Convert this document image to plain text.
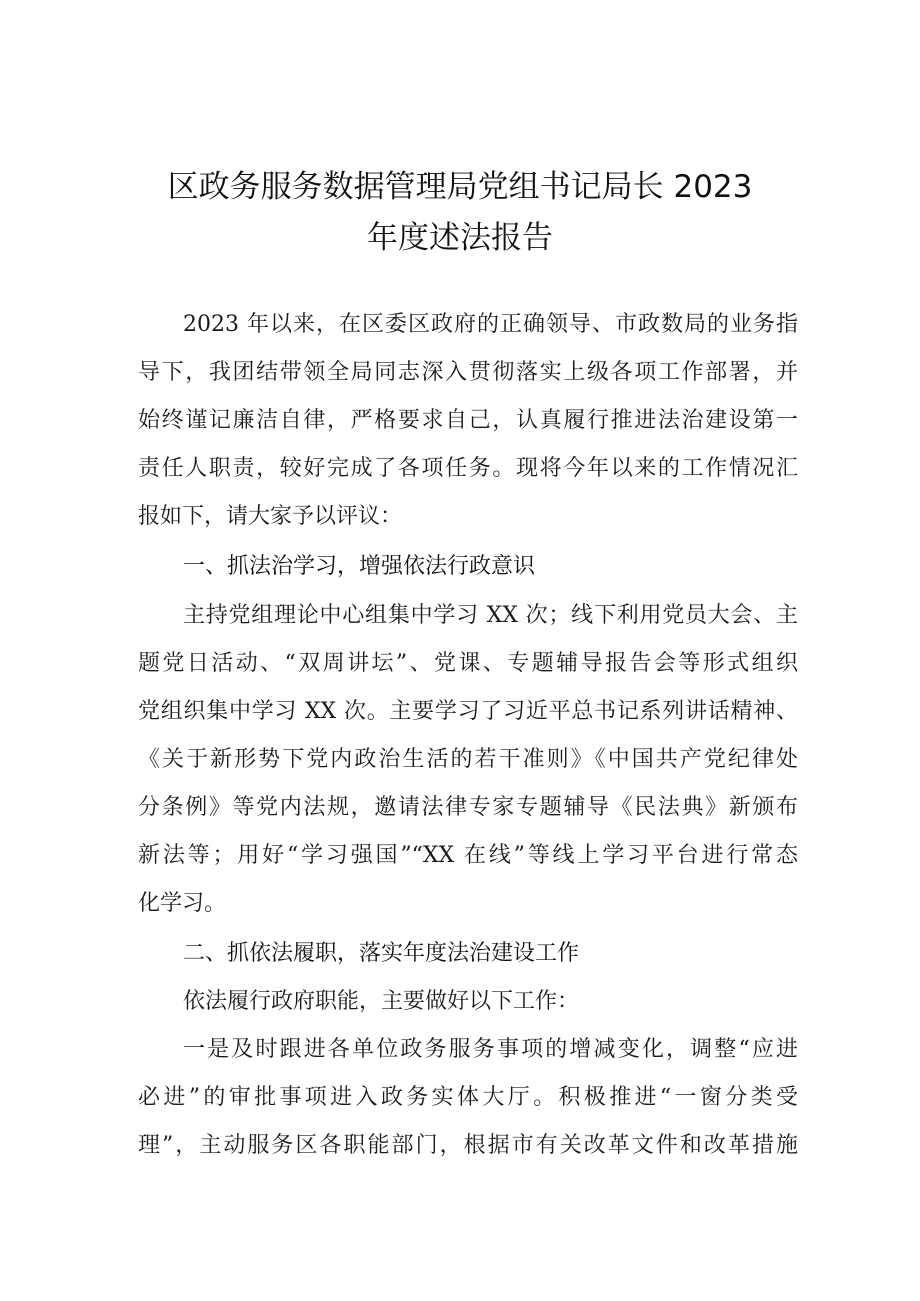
区政务服务数据管理局党组书记局长 2023
年度述法报告
2023 年以来，在区委区政府的正确领导、市政数局的业务指
导下，我团结带领全局同志深入贯彻落实上级各项工作部署，并
始终谨记廉洁自律，严格要求自己，认真履行推进法治建设第一
责任人职责，较好完成了各项任务。现将今年以来的工作情况汇
报如下，请大家予以评议：
一、抓法治学习，增强依法行政意识
主持党组理论中心组集中学习 XX 次；线下利用党员大会、主
题党日活动、“双周讲坛”、党课、专题辅导报告会等形式组织
党组织集中学习 XX 次。主要学习了习近平总书记系列讲话精神、
《关于新形势下党内政治生活的若干准则》《中国共产党纪律处
分条例》等党内法规，邀请法律专家专题辅导《民法典》新颁布
新法等；用好“学习强国”“XX 在线”等线上学习平台进行常态
化学习。
二、抓依法履职，落实年度法治建设工作
依法履行政府职能，主要做好以下工作：
一是及时跟进各单位政务服务事项的增减变化，调整“应进
必进”的审批事项进入政务实体大厅。积极推进“一窗分类受
理”，主动服务区各职能部门，根据市有关改革文件和改革措施
